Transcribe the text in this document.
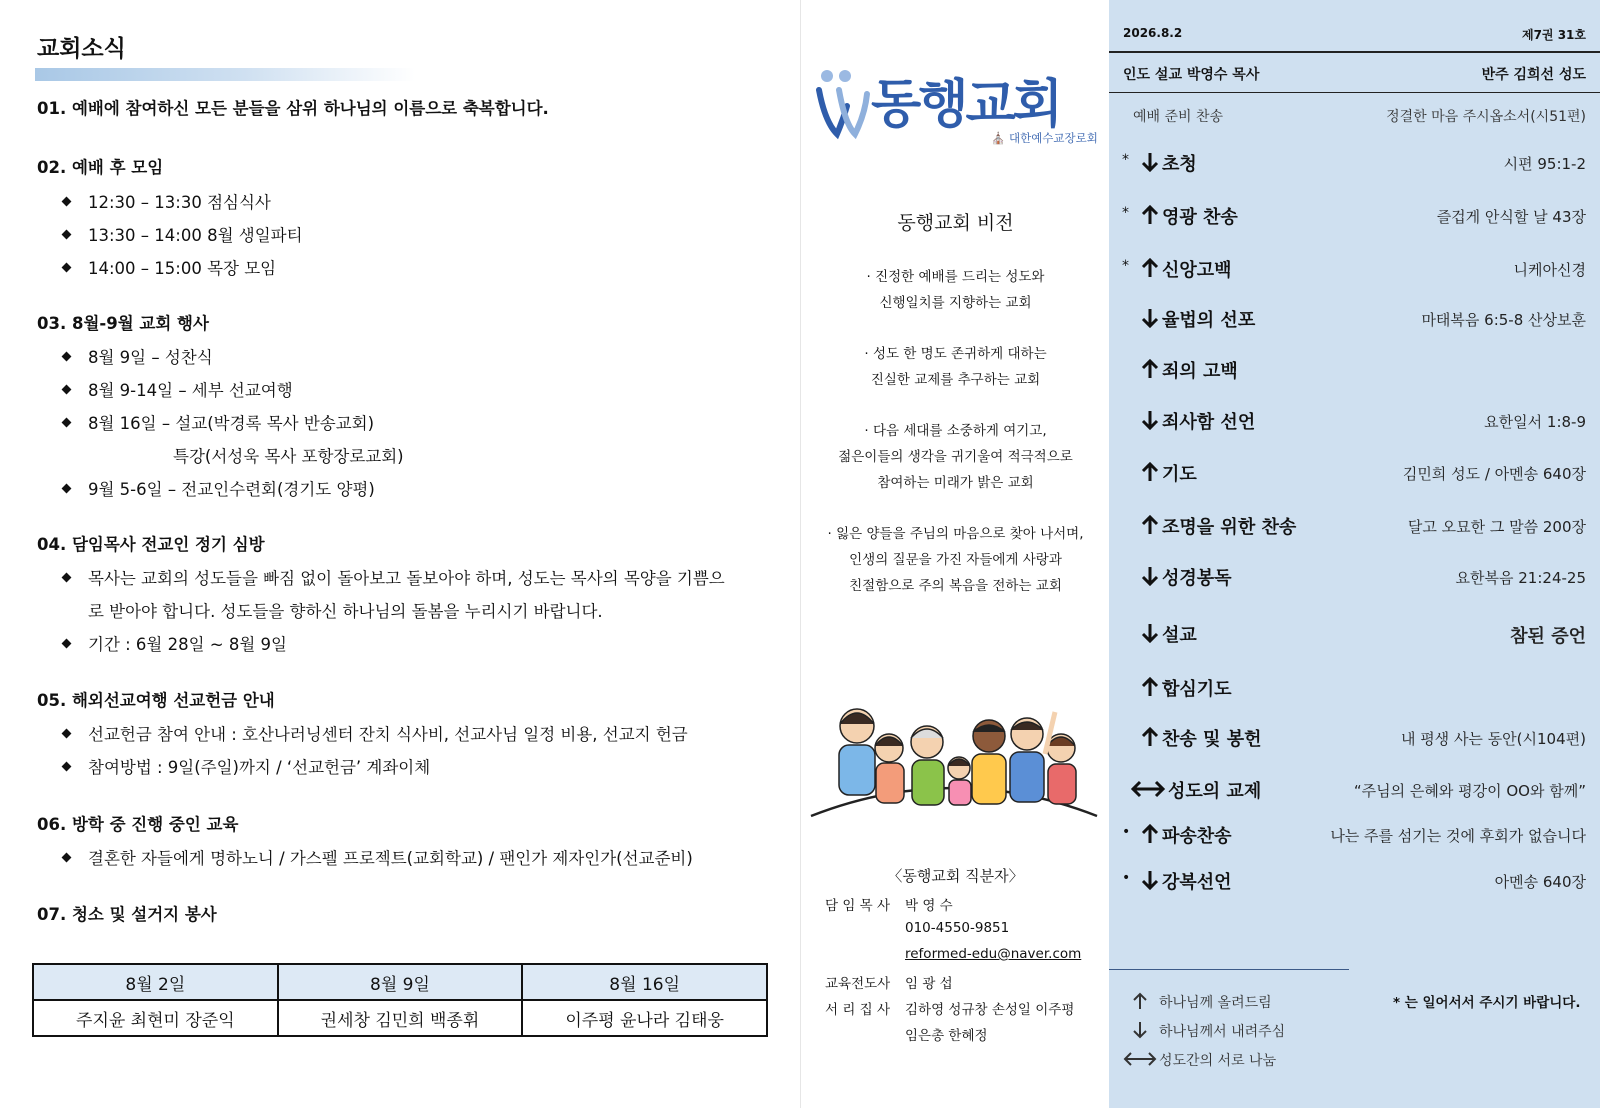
교회소식
01. 예배에 참여하신 모든 분들을 삼위 하나님의 이름으로 축복합니다.
02. 예배 후 모임
12:30 – 13:30 점심식사
13:30 – 14:00 8월 생일파티
14:00 – 15:00 목장 모임
03. 8월-9월 교회 행사
8월 9일 – 성찬식
8월 9-14일 – 세부 선교여행
8월 16일 – 설교(박경록 목사 반송교회)
특강(서성욱 목사 포항장로교회)
9월 5-6일 – 전교인수련회(경기도 양평)
04. 담임목사 전교인 정기 심방
목사는 교회의 성도들을 빠짐 없이 돌아보고 돌보아야 하며, 성도는 목사의 목양을 기쁨으로 받아야 합니다. 성도들을 향하신 하나님의 돌봄을 누리시기 바랍니다.
기간 : 6월 28일 ~ 8월 9일
05. 해외선교여행 선교헌금 안내
선교헌금 참여 안내 : 호산나러닝센터 잔치 식사비, 선교사님 일정 비용, 선교지 헌금
참여방법 : 9일(주일)까지 / ‘선교헌금’ 계좌이체
06. 방학 중 진행 중인 교육
결혼한 자들에게 명하노니 / 가스펠 프로젝트(교회학교) / 팬인가 제자인가(선교준비)
07. 청소 및 설거지 봉사
8월 2일	8월 9일	8월 16일
주지윤 최현미 장준익	권세창 김민희 백종휘	이주평 윤나라 김태웅
동행교회
⛪ 대한예수교장로회
동행교회 비전
· 진정한 예배를 드리는 성도와
신행일치를 지향하는 교회
· 성도 한 명도 존귀하게 대하는
진실한 교제를 추구하는 교회
· 다음 세대를 소중하게 여기고,
젊은이들의 생각을 귀기울여 적극적으로
참여하는 미래가 밝은 교회
· 잃은 양들을 주님의 마음으로 찾아 나서며,
인생의 질문을 가진 자들에게 사랑과
친절함으로 주의 복음을 전하는 교회
〈동행교회 직분자〉
담 임 목 사	박 영 수
010-4550-9851
reformed-edu@naver.com
교육전도사	임 광 섭
서 리 집 사	김하영 성규창 손성일 이주평
임은총 한혜정
2026.8.2	제7권 31호
인도 설교 박영수 목사	반주 김희선 성도
예배 준비 찬송	정결한 마음 주시옵소서(시51편)
* 초청	시편 95:1-2
* 영광 찬송	즐겁게 안식할 날 43장
* 신앙고백	니케아신경
율법의 선포	마태복음 6:5-8 산상보훈
죄의 고백
죄사함 선언	요한일서 1:8-9
기도	김민희 성도 / 아멘송 640장
조명을 위한 찬송	달고 오묘한 그 말씀 200장
성경봉독	요한복음 21:24-25
설교	참된 증언
합심기도
찬송 및 봉헌	내 평생 사는 동안(시104편)
성도의 교제	“주님의 은혜와 평강이 OO와 함께”
• 파송찬송	나는 주를 섬기는 것에 후회가 없습니다
• 강복선언	아멘송 640장
하나님께 올려드림
하나님께서 내려주심
성도간의 서로 나눔
* 는 일어서서 주시기 바랍니다.
